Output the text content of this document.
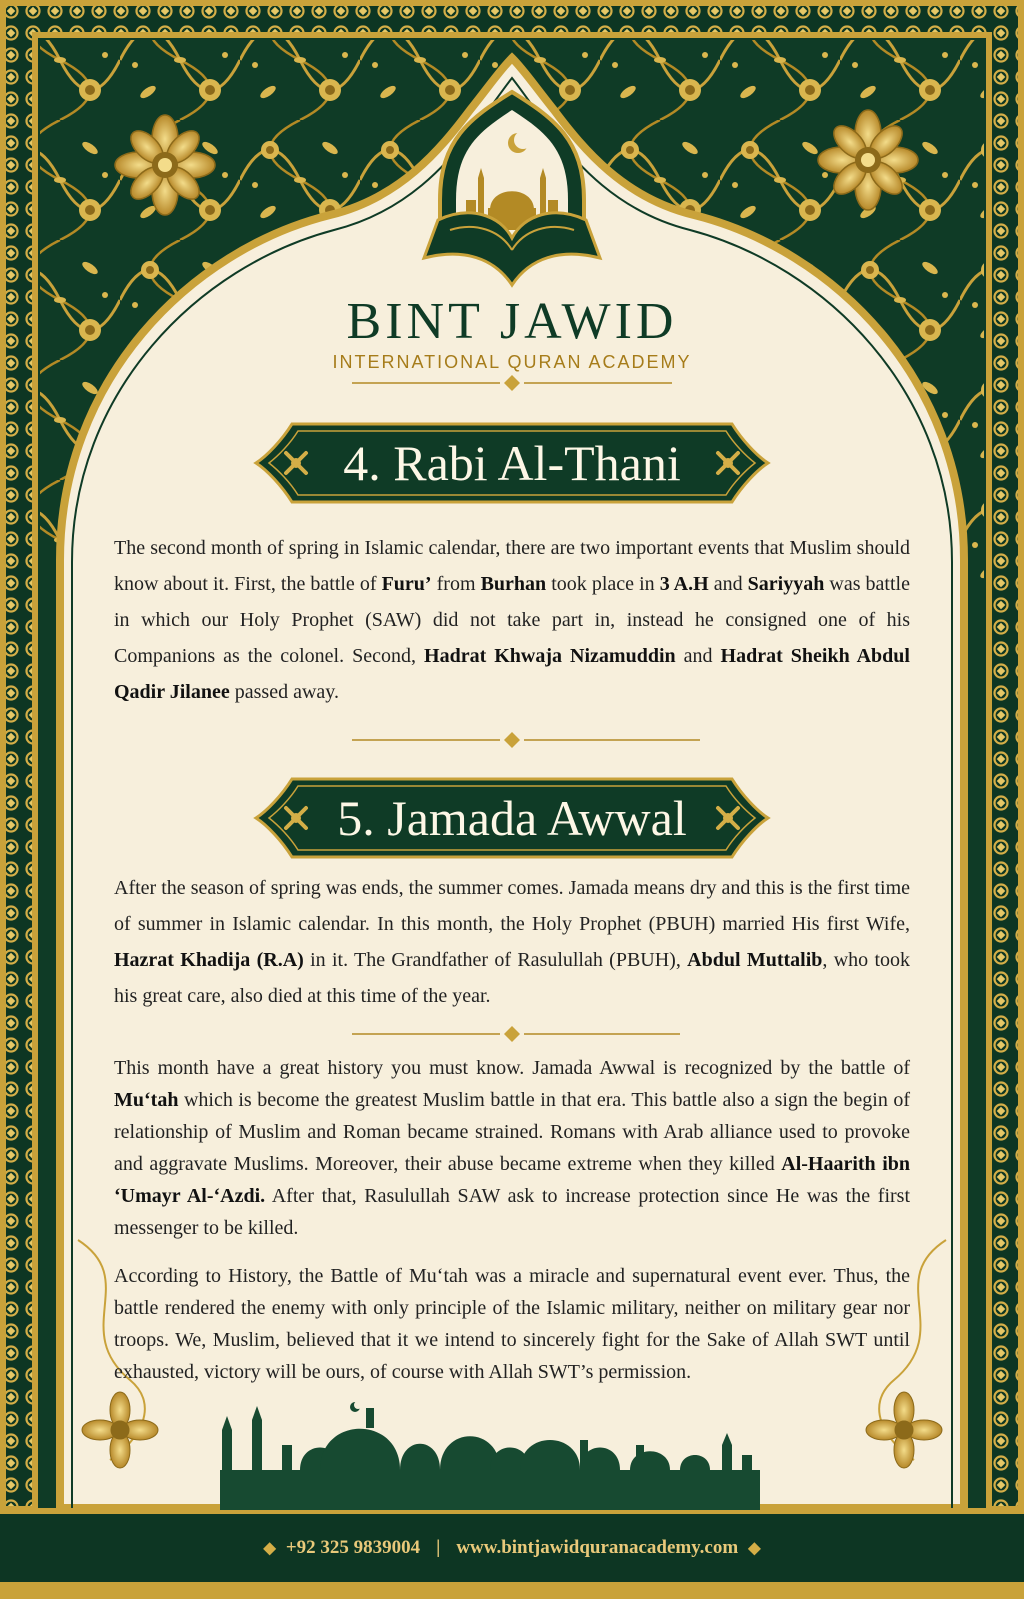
BINT JAWID
INTERNATIONAL QURAN ACADEMY
4. Rabi Al-Thani
The second month of spring in Islamic calendar, there are two important events that Muslim should know about it. First, the battle of Furu’ from Burhan took place in 3 A.H and Sariyyah was battle in which our Holy Prophet (SAW) did not take part in, instead he consigned one of his Companions as the colonel. Second, Hadrat Khwaja Nizamuddin and Hadrat Sheikh Abdul Qadir Jilanee passed away.
5. Jamada Awwal
After the season of spring was ends, the summer comes. Jamada means dry and this is the first time of summer in Islamic calendar. In this month, the Holy Prophet (PBUH) married His first Wife, Hazrat Khadija (R.A) in it. The Grandfather of Rasulullah (PBUH), Abdul Muttalib, who took his great care, also died at this time of the year.
This month have a great history you must know. Jamada Awwal is recognized by the battle of Mu‘tah which is become the greatest Muslim battle in that era. This battle also a sign the begin of relationship of Muslim and Roman became strained. Romans with Arab alliance used to provoke and aggravate Muslims. Moreover, their abuse became extreme when they killed Al-Haarith ibn ‘Umayr Al-‘Azdi. After that, Rasulullah SAW ask to increase protection since He was the first messenger to be killed.
According to History, the Battle of Mu‘tah was a miracle and supernatural event ever. Thus, the battle rendered the enemy with only principle of the Islamic military, neither on military gear nor troops. We, Muslim, believed that it we intend to sincerely fight for the Sake of Allah SWT until exhausted, victory will be ours, of course with Allah SWT’s permission.
◆ +92 325 9839004 | www.bintjawidquranacademy.com ◆
